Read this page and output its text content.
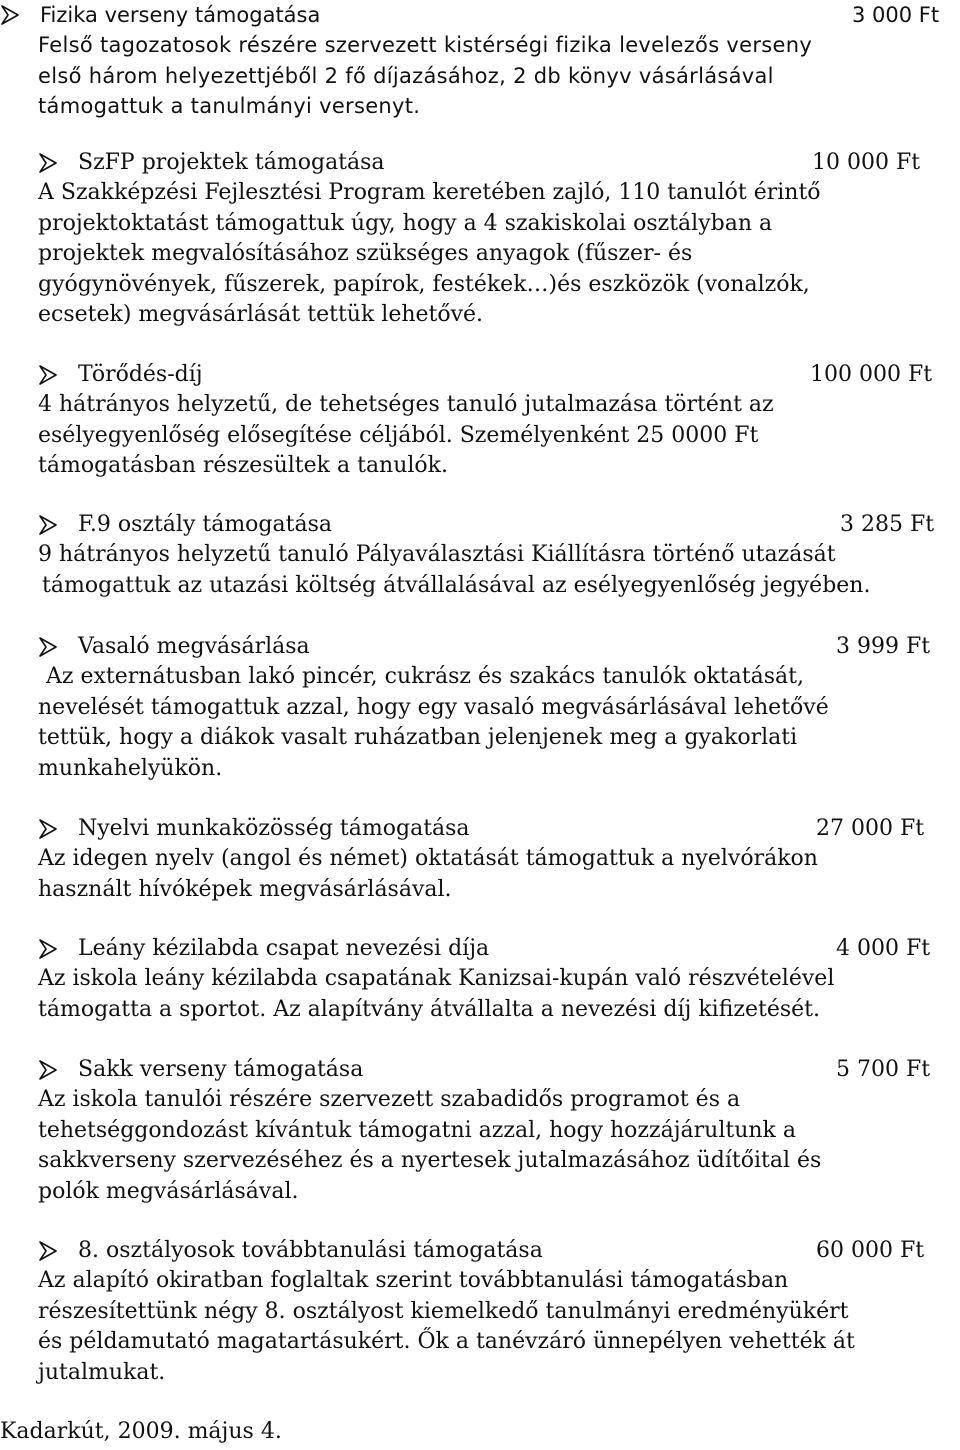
Fizika verseny támogatása	3 000 Ft
Felső tagozatosok részére szervezett kistérségi fizika levelezős verseny
első három helyezettjéből 2 fő díjazásához, 2 db könyv vásárlásával
támogattuk a tanulmányi versenyt.
SzFP projektek támogatása	10 000 Ft
A Szakképzési Fejlesztési Program keretében zajló, 110 tanulót érintő
projektoktatást támogattuk úgy, hogy a 4 szakiskolai osztályban a
projektek megvalósításához szükséges anyagok (fűszer- és
gyógynövények, fűszerek, papírok, festékek…)és eszközök (vonalzók,
ecsetek) megvásárlását tettük lehetővé.
Törődés-díj	100 000 Ft
4 hátrányos helyzetű, de tehetséges tanuló jutalmazása történt az
esélyegyenlőség elősegítése céljából. Személyenként 25 0000 Ft
támogatásban részesültek a tanulók.
F.9 osztály támogatása	3 285 Ft
9 hátrányos helyzetű tanuló Pályaválasztási Kiállításra történő utazását
támogattuk az utazási költség átvállalásával az esélyegyenlőség jegyében.
Vasaló megvásárlása	3 999 Ft
Az externátusban lakó pincér, cukrász és szakács tanulók oktatását,
nevelését támogattuk azzal, hogy egy vasaló megvásárlásával lehetővé
tettük, hogy a diákok vasalt ruházatban jelenjenek meg a gyakorlati
munkahelyükön.
Nyelvi munkaközösség támogatása	27 000 Ft
Az idegen nyelv (angol és német) oktatását támogattuk a nyelvórákon
használt hívóképek megvásárlásával.
Leány kézilabda csapat nevezési díja	4 000 Ft
Az iskola leány kézilabda csapatának Kanizsai-kupán való részvételével
támogatta a sportot. Az alapítvány átvállalta a nevezési díj kifizetését.
Sakk verseny támogatása	5 700 Ft
Az iskola tanulói részére szervezett szabadidős programot és a
tehetséggondozást kívántuk támogatni azzal, hogy hozzájárultunk a
sakkverseny szervezéséhez és a nyertesek jutalmazásához üdítőital és
polók megvásárlásával.
8. osztályosok továbbtanulási támogatása	60 000 Ft
Az alapító okiratban foglaltak szerint továbbtanulási támogatásban
részesítettünk négy 8. osztályost kiemelkedő tanulmányi eredményükért
és példamutató magatartásukért. Ők a tanévzáró ünnepélyen vehették át
jutalmukat.
Kadarkút, 2009. május 4.
